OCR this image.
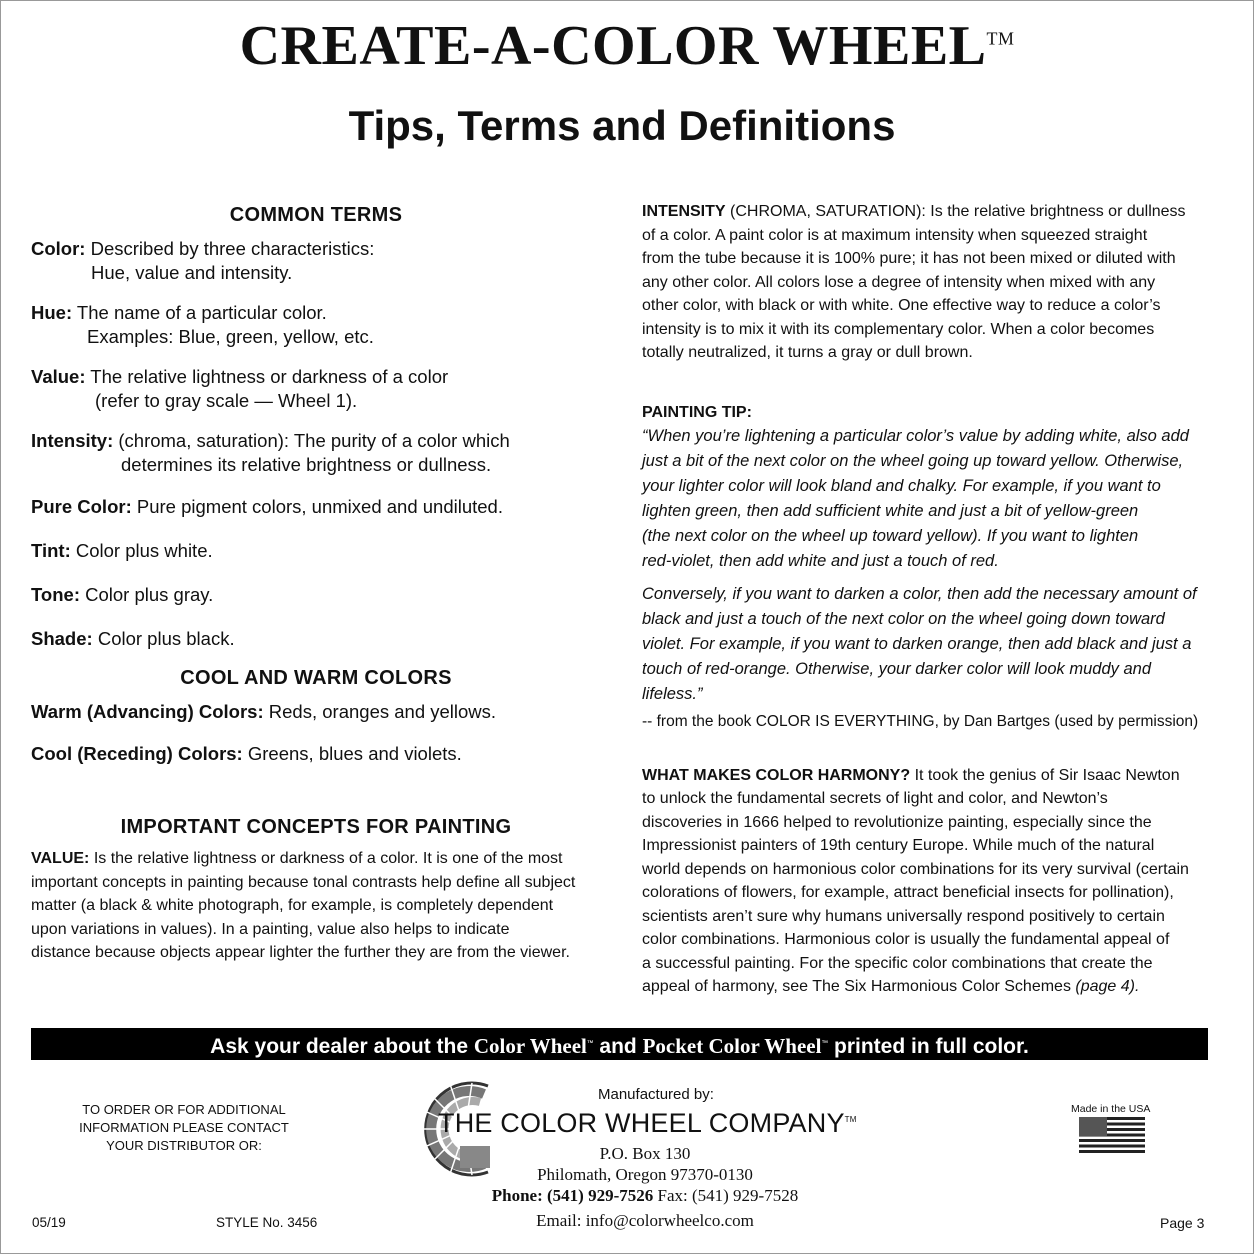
CREATE-A-COLOR WHEEL™
Tips, Terms and Definitions
COMMON TERMS
Color: Described by three characteristics:
Hue, value and intensity.
Hue: The name of a particular color.
Examples: Blue, green, yellow, etc.
Value: The relative lightness or darkness of a color
(refer to gray scale — Wheel 1).
Intensity: (chroma, saturation): The purity of a color which
determines its relative brightness or dullness.
Pure Color: Pure pigment colors, unmixed and undiluted.
Tint: Color plus white.
Tone: Color plus gray.
Shade: Color plus black.
COOL AND WARM COLORS
Warm (Advancing) Colors: Reds, oranges and yellows.
Cool (Receding) Colors: Greens, blues and violets.
IMPORTANT CONCEPTS FOR PAINTING
VALUE: Is the relative lightness or darkness of a color. It is one of the most
important concepts in painting because tonal contrasts help define all subject
matter (a black & white photograph, for example, is completely dependent
upon variations in values). In a painting, value also helps to indicate
distance because objects appear lighter the further they are from the viewer.
INTENSITY (CHROMA, SATURATION): Is the relative brightness or dullness
of a color. A paint color is at maximum intensity when squeezed straight
from the tube because it is 100% pure; it has not been mixed or diluted with
any other color. All colors lose a degree of intensity when mixed with any
other color, with black or with white. One effective way to reduce a color’s
intensity is to mix it with its complementary color. When a color becomes
totally neutralized, it turns a gray or dull brown.
PAINTING TIP:
“When you’re lightening a particular color’s value by adding white, also add
just a bit of the next color on the wheel going up toward yellow. Otherwise,
your lighter color will look bland and chalky. For example, if you want to
lighten green, then add sufficient white and just a bit of yellow-green
(the next color on the wheel up toward yellow). If you want to lighten
red-violet, then add white and just a touch of red.
Conversely, if you want to darken a color, then add the necessary amount of
black and just a touch of the next color on the wheel going down toward
violet. For example, if you want to darken orange, then add black and just a
touch of red-orange. Otherwise, your darker color will look muddy and
lifeless.”
-- from the book COLOR IS EVERYTHING, by Dan Bartges (used by permission)
WHAT MAKES COLOR HARMONY? It took the genius of Sir Isaac Newton
to unlock the fundamental secrets of light and color, and Newton’s
discoveries in 1666 helped to revolutionize painting, especially since the
Impressionist painters of 19th century Europe. While much of the natural
world depends on harmonious color combinations for its very survival (certain
colorations of flowers, for example, attract beneficial insects for pollination),
scientists aren’t sure why humans universally respond positively to certain
color combinations. Harmonious color is usually the fundamental appeal of
a successful painting. For the specific color combinations that create the
appeal of harmony, see The Six Harmonious Color Schemes (page 4).
Ask your dealer about the Color Wheel™ and Pocket Color Wheel™ printed in full color.
TO ORDER OR FOR ADDITIONAL
INFORMATION PLEASE CONTACT
YOUR DISTRIBUTOR OR:
Manufactured by:
THE COLOR WHEEL COMPANY™
P.O. Box 130
Philomath, Oregon 97370-0130
Phone: (541) 929-7526 Fax: (541) 929-7528
Email: info@colorwheelco.com
Made in the USA
05/19	STYLE No. 3456	Page 3
